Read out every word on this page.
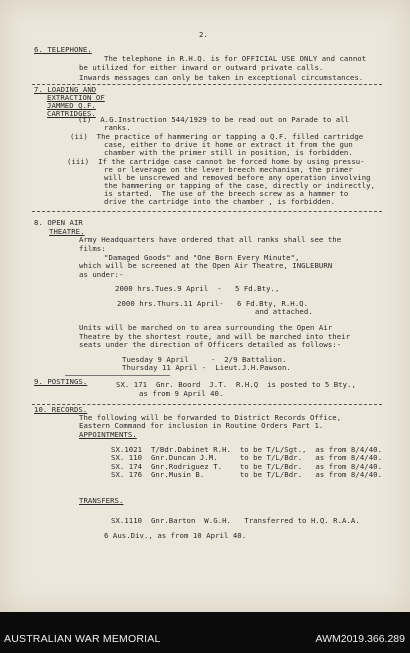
2.
6. TELEPHONE.
The telephone in R.H.Q. is for OFFICIAL USE ONLY and cannot
be utilized for either inward or outward private calls.
Inwards messages can only be taken in exceptional circumstances.
7. LOADING AND
EXTRACTION OF
JAMMED Q.F.
CARTRIDGES.
(i)  A.G.Instruction 544/1929 to be read out on Parade to all
ranks.
(ii)  The practice of hammering or tapping a Q.F. filled cartridge
case, either to drive it home or extract it from the gun
chamber with the primer still in position, is forbidden.
(iii)  If the cartridge case cannot be forced home by using pressu-
re or leverage on the lever breech mechanism, the primer
will be unscrewed and removed before any operation involving
the hammering or tapping of the case, directly or indirectly,
is started.  The use of the breech screw as a hammer to
drive the cartridge into the chamber , is forbidden.
8. OPEN AIR
THEATRE.
Army Headquarters have ordered that all ranks shall see the
films:
"Damaged Goods" and "One Born Every Minute",
which will be screened at the Open Air Theatre, INGLEBURN
as under:-
2000 hrs.Tues.9 April  -   5 Fd.Bty.,
2000 hrs.Thurs.11 April-   6 Fd.Bty, R.H.Q.
and attached.
Units will be marched on to area surrounding the Open Air
Theatre by the shortest route, and will be marched into their
seats under the direction of Officers detailed as follows:-
Tuesday 9 April     -  2/9 Battalion.
Thursday 11 April -  Lieut.J.H.Pawson.
9. POSTINGS.	SX. 171  Gnr. Boord  J.T.  R.H.Q  is posted to 5 Bty.,
as from 9 April 40.
10. RECORDS.
The following will be forwarded to District Records Office,
Eastern Command for inclusion in Routine Orders Part 1.
APPOINTMENTS.
SX.1021  T/Bdr.Dabinet R.H.  to be T/L/Sgt.,  as from 8/4/40.
SX. 110  Gnr.Duncan J.M.     to be T/L/Bdr.   as from 8/4/40.
SX. 174  Gnr.Rodriguez T.    to be T/L/Bdr.   as from 8/4/40.
SX. 176  Gnr.Musin B.        to be T/L/Bdr.   as from 8/4/40.
TRANSFERS.
SX.1110  Gnr.Barton  W.G.H.   Transferred to H.Q. R.A.A.
6 Aus.Div., as from 10 April 40.
AUSTRALIAN WAR MEMORIAL	AWM2019.366.289
